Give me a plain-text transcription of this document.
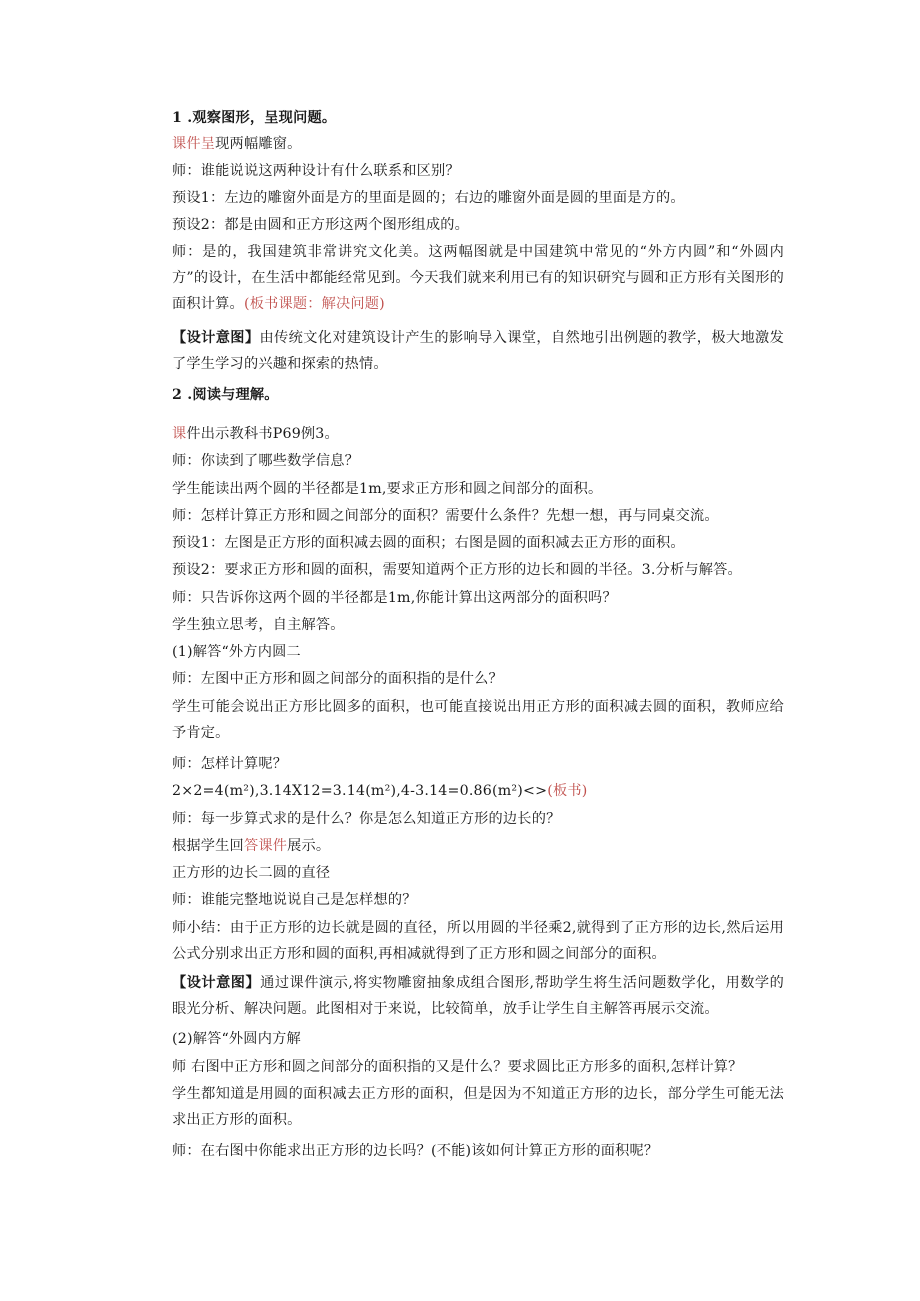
1 .观察图形，呈现问题。
课件呈现两幅雕窗。
师：谁能说说这两种设计有什么联系和区别？
预设1：左边的雕窗外面是方的里面是圆的；右边的雕窗外面是圆的里面是方的。
预设2：都是由圆和正方形这两个图形组成的。
师：是的，我国建筑非常讲究文化美。这两幅图就是中国建筑中常见的“外方内圆”和“外圆内方”的设计，在生活中都能经常见到。今天我们就来利用已有的知识研究与圆和正方形有关图形的面积计算。(板书课题：解决问题)
【设计意图】由传统文化对建筑设计产生的影响导入课堂，自然地引出例题的教学，极大地激发了学生学习的兴趣和探索的热情。
2 .阅读与理解。
课件出示教科书P69例3。
师：你读到了哪些数学信息？
学生能读出两个圆的半径都是1m,要求正方形和圆之间部分的面积。
师：怎样计算正方形和圆之间部分的面积？需要什么条件？先想一想，再与同桌交流。
预设1：左图是正方形的面积减去圆的面积；右图是圆的面积减去正方形的面积。
预设2：要求正方形和圆的面积，需要知道两个正方形的边长和圆的半径。3.分析与解答。
师：只告诉你这两个圆的半径都是1m,你能计算出这两部分的面积吗？
学生独立思考，自主解答。
(1)解答“外方内圆二
师：左图中正方形和圆之间部分的面积指的是什么？
学生可能会说出正方形比圆多的面积，也可能直接说出用正方形的面积减去圆的面积，教师应给予肯定。
师：怎样计算呢？
2×2=4(m²),3.14X12=3.14(m²),4-3.14=0.86(m²)<>(板书)
师：每一步算式求的是什么？你是怎么知道正方形的边长的？
根据学生回答课件展示。
正方形的边长二圆的直径
师：谁能完整地说说自己是怎样想的？
师小结：由于正方形的边长就是圆的直径，所以用圆的半径乘2,就得到了正方形的边长,然后运用公式分别求出正方形和圆的面积,再相减就得到了正方形和圆之间部分的面积。
【设计意图】通过课件演示,将实物雕窗抽象成组合图形,帮助学生将生活问题数学化，用数学的眼光分析、解决问题。此图相对于来说，比较简单，放手让学生自主解答再展示交流。
(2)解答“外圆内方解
师 右图中正方形和圆之间部分的面积指的又是什么？要求圆比正方形多的面积,怎样计算？
学生都知道是用圆的面积减去正方形的面积，但是因为不知道正方形的边长，部分学生可能无法求出正方形的面积。
师：在右图中你能求出正方形的边长吗？(不能)该如何计算正方形的面积呢？
